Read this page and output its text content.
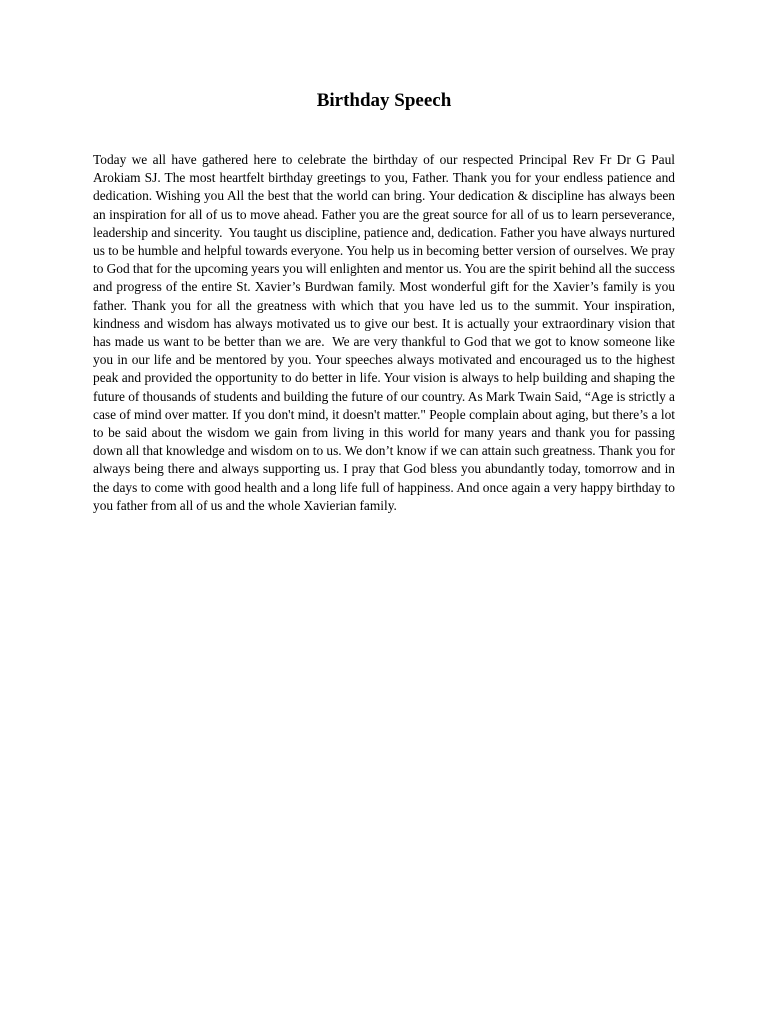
Birthday Speech

Today we all have gathered here to celebrate the birthday of our respected Principal Rev Fr Dr G Paul Arokiam SJ. The most heartfelt birthday greetings to you, Father. Thank you for your endless patience and dedication. Wishing you All the best that the world can bring. Your dedication & discipline has always been an inspiration for all of us to move ahead. Father you are the great source for all of us to learn perseverance, leadership and sincerity.  You taught us discipline, patience and, dedication. Father you have always nurtured us to be humble and helpful towards everyone. You help us in becoming better version of ourselves. We pray to God that for the upcoming years you will enlighten and mentor us. You are the spirit behind all the success and progress of the entire St. Xavier’s Burdwan family. Most wonderful gift for the Xavier’s family is you father. Thank you for all the greatness with which that you have led us to the summit. Your inspiration, kindness and wisdom has always motivated us to give our best. It is actually your extraordinary vision that has made us want to be better than we are.  We are very thankful to God that we got to know someone like you in our life and be mentored by you. Your speeches always motivated and encouraged us to the highest peak and provided the opportunity to do better in life. Your vision is always to help building and shaping the future of thousands of students and building the future of our country. As Mark Twain Said, “Age is strictly a case of mind over matter. If you don't mind, it doesn't matter." People complain about aging, but there’s a lot to be said about the wisdom we gain from living in this world for many years and thank you for passing down all that knowledge and wisdom on to us. We don’t know if we can attain such greatness. Thank you for always being there and always supporting us. I pray that God bless you abundantly today, tomorrow and in the days to come with good health and a long life full of happiness. And once again a very happy birthday to you father from all of us and the whole Xavierian family.
